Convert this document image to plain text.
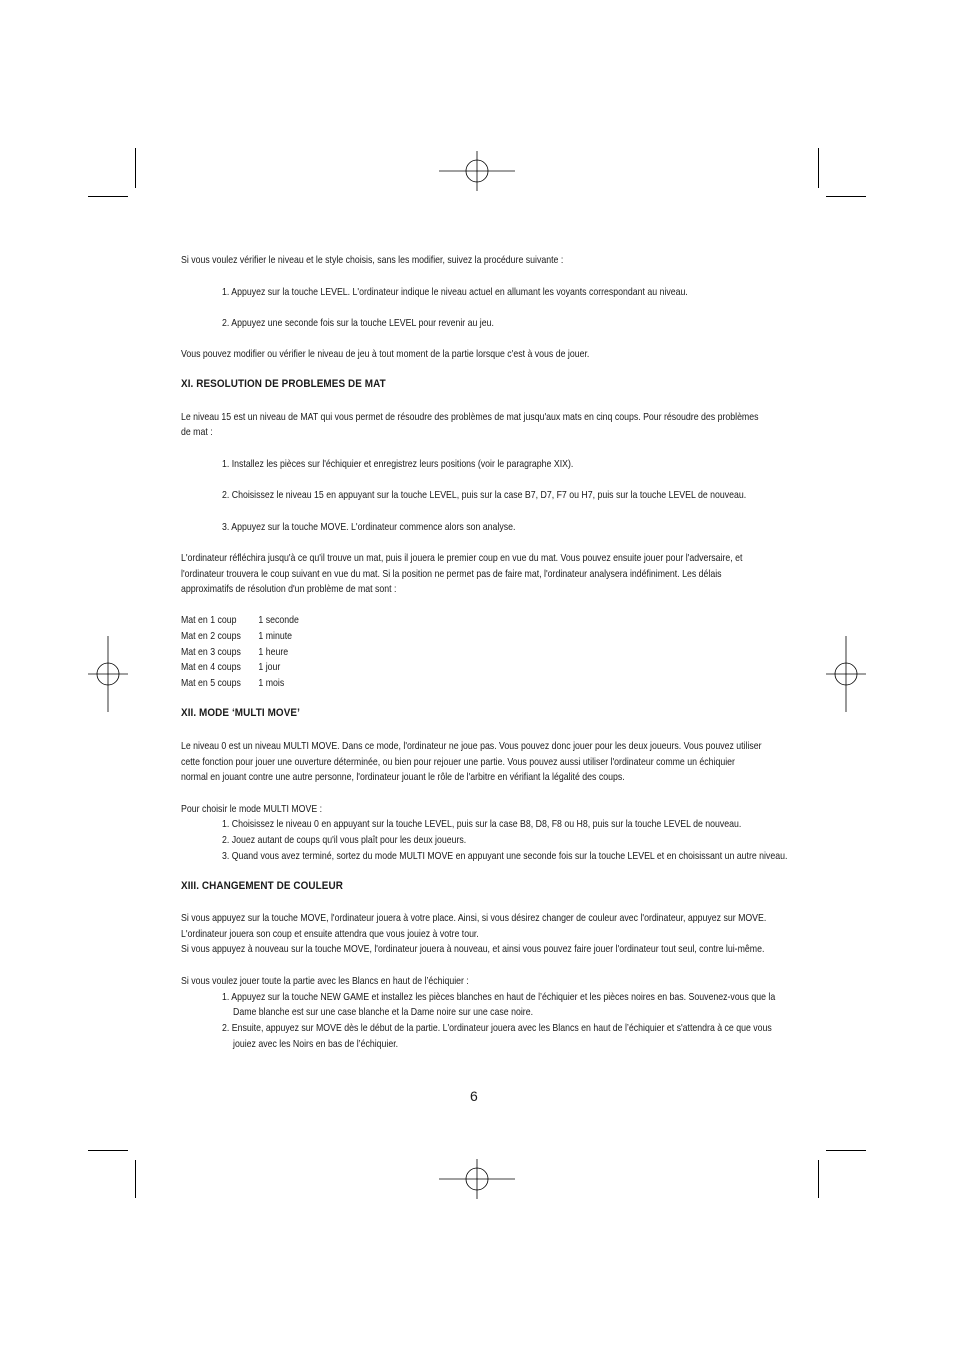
Si vous voulez vérifier le niveau et le style choisis, sans les modifier, suivez la procédure suivante :
1. Appuyez sur la touche LEVEL. L'ordinateur indique le niveau actuel en allumant les voyants correspondant au niveau.
2. Appuyez une seconde fois sur la touche LEVEL pour revenir au jeu.
Vous pouvez modifier ou vérifier le niveau de jeu à tout moment de la partie lorsque c'est à vous de jouer.
XI. RESOLUTION DE PROBLEMES DE MAT
Le niveau 15 est un niveau de MAT qui vous permet de résoudre des problèmes de mat jusqu'aux mats en cinq coups. Pour résoudre des problèmes
de mat :
1. Installez les pièces sur l'échiquier et enregistrez leurs positions (voir le paragraphe XIX).
2. Choisissez le niveau 15 en appuyant sur la touche LEVEL, puis sur la case B7, D7, F7 ou H7, puis sur la touche LEVEL de nouveau.
3. Appuyez sur la touche MOVE. L'ordinateur commence alors son analyse.
L'ordinateur réfléchira jusqu'à ce qu'il trouve un mat, puis il jouera le premier coup en vue du mat. Vous pouvez ensuite jouer pour l'adversaire, et
l'ordinateur trouvera le coup suivant en vue du mat. Si la position ne permet pas de faire mat, l'ordinateur analysera indéfiniment. Les délais
approximatifs de résolution d'un problème de mat sont :
Mat en 1 coup	1 seconde
Mat en 2 coups	1 minute
Mat en 3 coups	1 heure
Mat en 4 coups	1 jour
Mat en 5 coups	1 mois
XII. MODE ‘MULTI MOVE’
Le niveau 0 est un niveau MULTI MOVE. Dans ce mode, l'ordinateur ne joue pas. Vous pouvez donc jouer pour les deux joueurs. Vous pouvez utiliser
cette fonction pour jouer une ouverture déterminée, ou bien pour rejouer une partie. Vous pouvez aussi utiliser l'ordinateur comme un échiquier
normal en jouant contre une autre personne, l'ordinateur jouant le rôle de l'arbitre en vérifiant la légalité des coups.
Pour choisir le mode MULTI MOVE :
1. Choisissez le niveau 0 en appuyant sur la touche LEVEL, puis sur la case B8, D8, F8 ou H8, puis sur la touche LEVEL de nouveau.
2. Jouez autant de coups qu'il vous plaît pour les deux joueurs.
3. Quand vous avez terminé, sortez du mode MULTI MOVE en appuyant une seconde fois sur la touche LEVEL et en choisissant un autre niveau.
XIII. CHANGEMENT DE COULEUR
Si vous appuyez sur la touche MOVE, l'ordinateur jouera à votre place. Ainsi, si vous désirez changer de couleur avec l'ordinateur, appuyez sur MOVE.
L'ordinateur jouera son coup et ensuite attendra que vous jouiez à votre tour.
Si vous appuyez à nouveau sur la touche MOVE, l'ordinateur jouera à nouveau, et ainsi vous pouvez faire jouer l'ordinateur tout seul, contre lui-même.
Si vous voulez jouer toute la partie avec les Blancs en haut de l’échiquier :
1. Appuyez sur la touche NEW GAME et installez les pièces blanches en haut de l’échiquier et les pièces noires en bas. Souvenez-vous que la
Dame blanche est sur une case blanche et la Dame noire sur une case noire.
2. Ensuite, appuyez sur MOVE dès le début de la partie. L'ordinateur jouera avec les Blancs en haut de l’échiquier et s'attendra à ce que vous
jouiez avec les Noirs en bas de l’échiquier.
6
